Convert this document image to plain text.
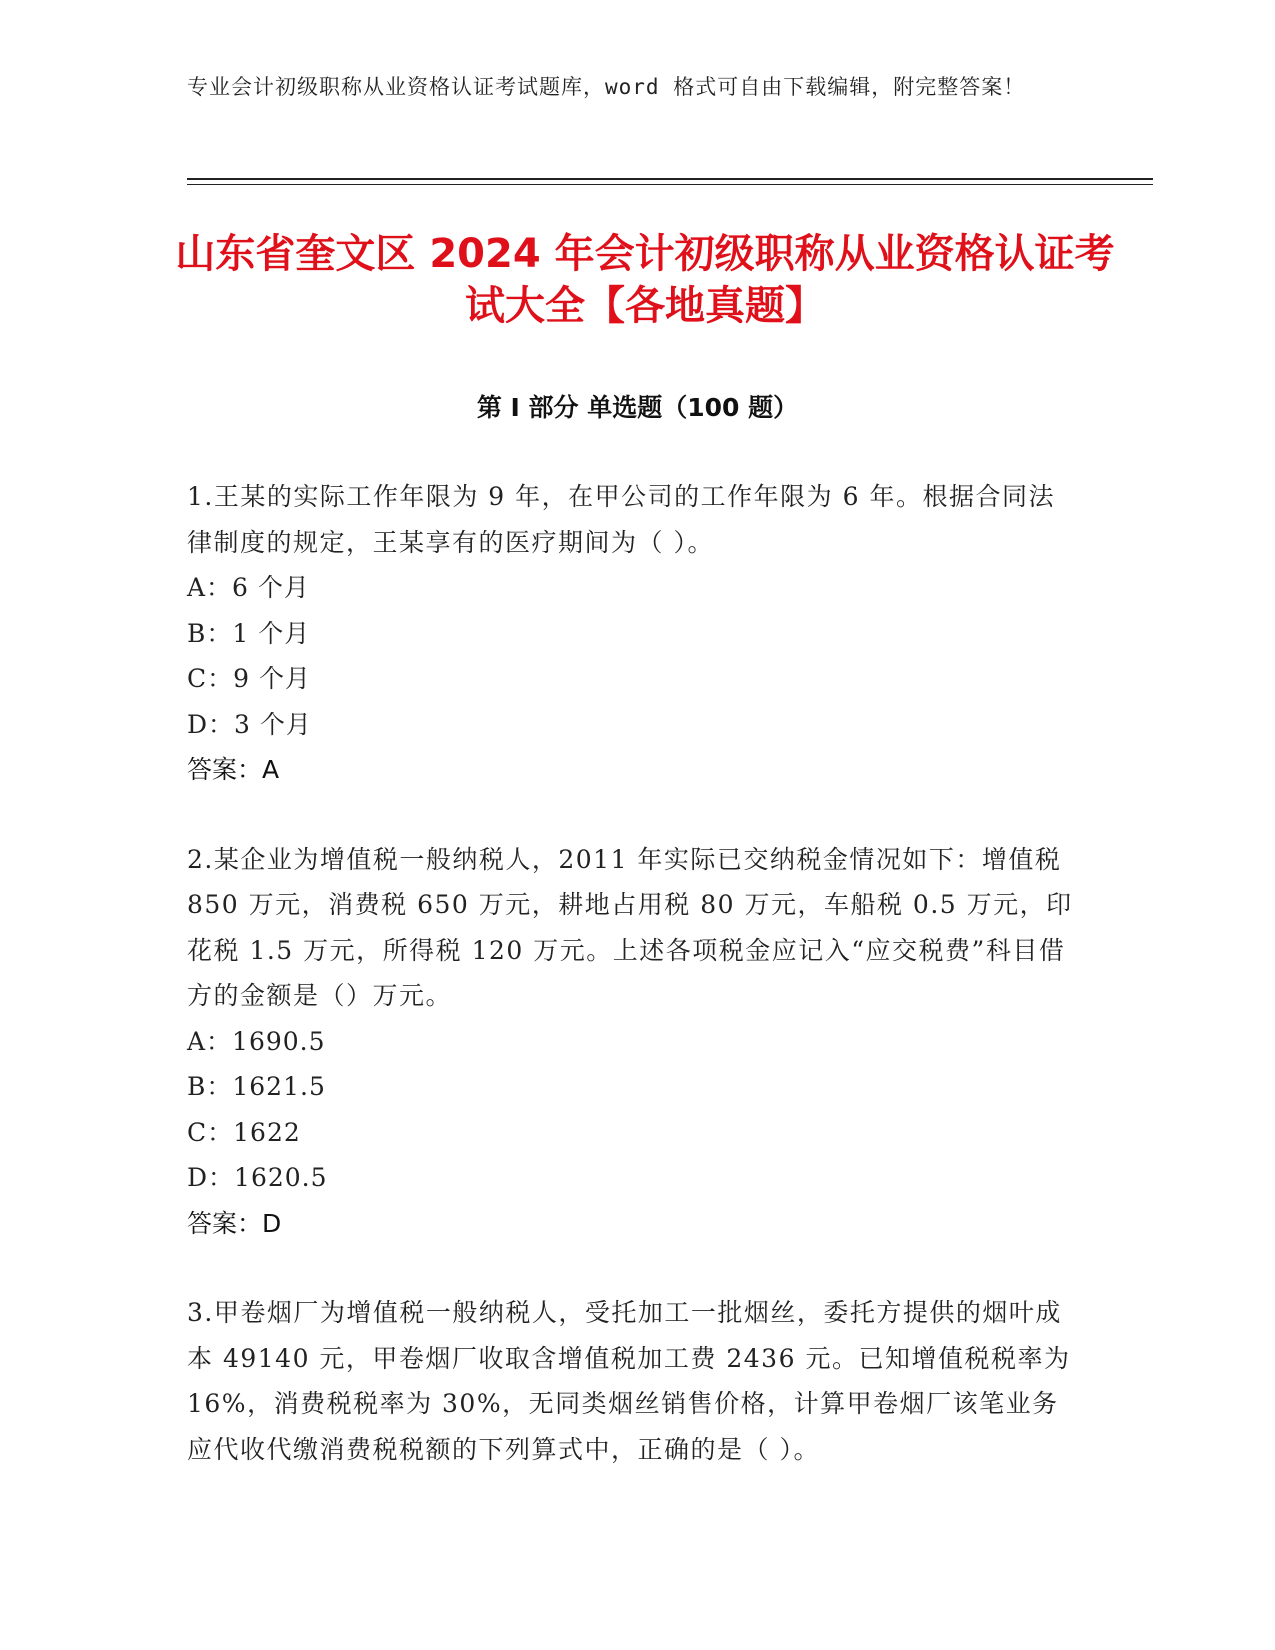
专业会计初级职称从业资格认证考试题库，word 格式可自由下载编辑，附完整答案！
山东省奎文区 2024 年会计初级职称从业资格认证考试大全【各地真题】
第 I 部分 单选题（100 题）
1.王某的实际工作年限为 9 年，在甲公司的工作年限为 6 年。根据合同法律制度的规定，王某享有的医疗期间为（ ）。
A：6 个月
B：1 个月
C：9 个月
D：3 个月
答案：A
2.某企业为增值税一般纳税人，2011 年实际已交纳税金情况如下：增值税 850 万元，消费税 650 万元，耕地占用税 80 万元，车船税 0.5 万元，印花税 1.5 万元，所得税 120 万元。上述各项税金应记入“应交税费”科目借方的金额是（）万元。
A：1690.5
B：1621.5
C：1622
D：1620.5
答案：D
3.甲卷烟厂为增值税一般纳税人，受托加工一批烟丝，委托方提供的烟叶成本 49140 元，甲卷烟厂收取含增值税加工费 2436 元。已知增值税税率为 16%，消费税税率为 30%，无同类烟丝销售价格，计算甲卷烟厂该笔业务应代收代缴消费税税额的下列算式中，正确的是（ ）。
